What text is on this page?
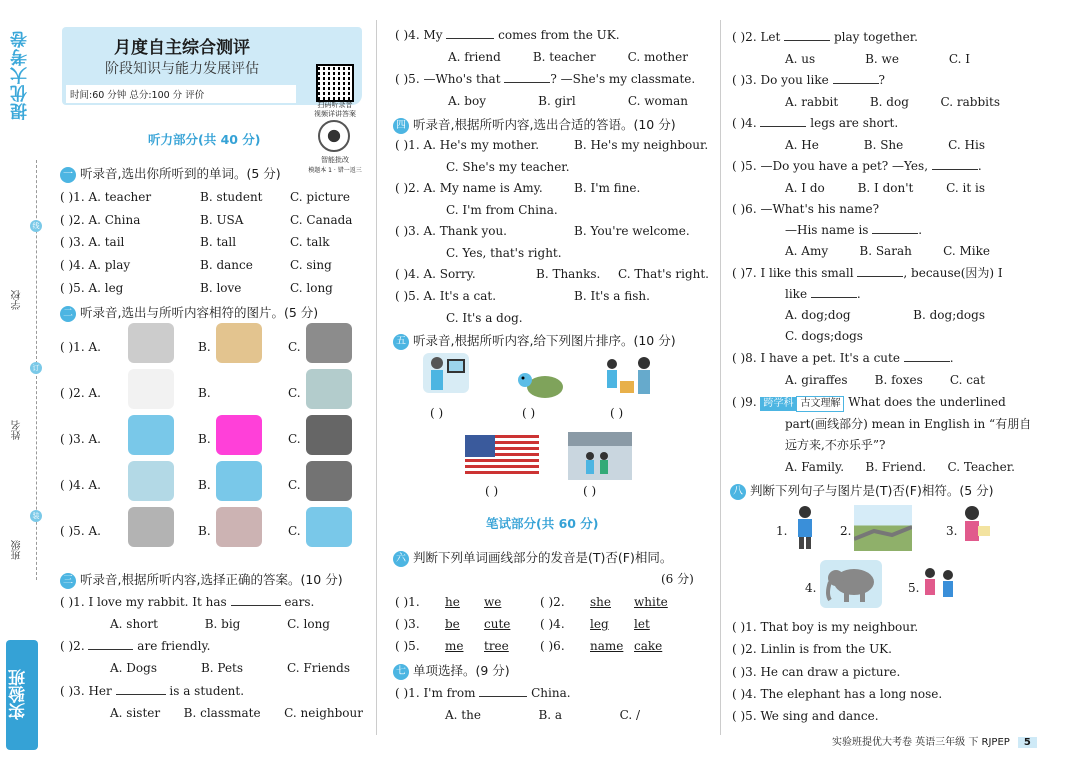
提优大考卷
线
订
装
学校
姓名
班级
实验班
月度自主综合测评
阶段知识与能力发展评估
时间:60 分钟 总分:100 分 评价
扫码听录音
视频详讲答案
智能批改
模题本 1 · 错一返三
听力部分(共 40 分)
一 听录音,选出你所听到的单词。(5 分)
( )1. A. teacher	B. student C. picture
( )2. A. China	B. USA	C. Canada
( )3. A. tail	B. tall	C. talk
( )4. A. play	B. dance	C. sing
( )5. A. leg	B. love	C. long
二 听录音,选出与所听内容相符的图片。(5 分)
( )1. A.	B.	C.
( )2. A.	B.	C.
( )3. A.	B.	C.
( )4. A.	B.	C.
( )5. A.	B.	C.
三 听录音,根据所听内容,选择正确的答案。(10 分)
( )1. I love my rabbit. It has	ears.
A. short	B. big	C. long
( )2.	are friendly.
A. Dogs	B. Pets	C. Friends
( )3. Her	is a student.
A. sister B. classmate C. neighbour
( )4. My	comes from the UK.
A. friend	B. teacher	C. mother
( )5. —Who's that	? —She's my classmate.
A. boy	B. girl	C. woman
四 听录音,根据所听内容,选出合适的答语。(10 分)
( )1. A. He's my mother.	B. He's my neighbour.
C. She's my teacher.
( )2. A. My name is Amy.	B. I'm fine.
C. I'm from China.
( )3. A. Thank you.	B. You're welcome.
C. Yes, that's right.
( )4. A. Sorry.	B. Thanks. C. That's right.
( )5. A. It's a cat.	B. It's a fish.
C. It's a dog.
五 听录音,根据所听内容,给下列图片排序。(10 分)
( )	( )	( )
( )	( )
笔试部分(共 60 分)
六 判断下列单词画线部分的发音是(T)否(F)相同。
(6 分)
( )1. he we	( )2. she white
( )3. be cute ( )4. leg let
( )5. me tree	( )6. name cake
七 单项选择。(9 分)
( )1. I'm from	China.
A. the	B. a	C. /
( )2. Let	play together.
A. us	B. we	C. I
( )3. Do you like	?
A. rabbit	B. dog	C. rabbits
( )4.	legs are short.
A. He	B. She	C. His
( )5. —Do you have a pet? —Yes,	.
A. I do	B. I don't	C. it is
( )6. —What's his name?
—His name is	.
A. Amy	B. Sarah	C. Mike
( )7. I like this small	, because(因为) I
like	.
A. dog;dog	B. dog;dogs
C. dogs;dogs
( )8. I have a pet. It's a cute	.
A. giraffes B. foxes C. cat
( )9. 跨学科 古文理解 What does the underlined
part(画线部分) mean in English in “有朋自
远方来,不亦乐乎”?
A. Family. B. Friend. C. Teacher.
八 判断下列句子与图片是(T)否(F)相符。(5 分)
1.	2.	3.
4.	5.
( )1. That boy is my neighbour.
( )2. Linlin is from the UK.
( )3. He can draw a picture.
( )4. The elephant has a long nose.
( )5. We sing and dance.
实验班提优大考卷 英语三年级 下 RJPEP 5
